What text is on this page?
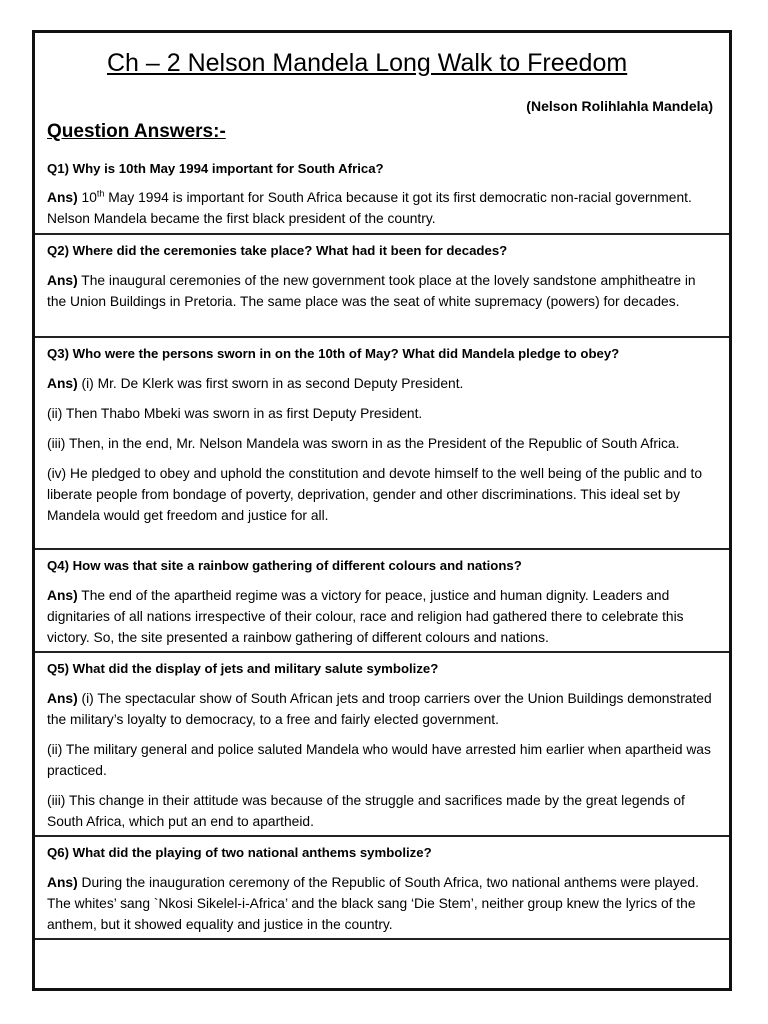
Ch – 2 Nelson Mandela Long Walk to Freedom
(Nelson Rolihlahla Mandela)
Question Answers:-
Q1) Why is 10th May 1994 important for South Africa?
Ans) 10th May 1994 is important for South Africa because it got its first democratic non-racial government. Nelson Mandela became the first black president of the country.
Q2) Where did the ceremonies take place? What had it been for decades?
Ans) The inaugural ceremonies of the new government took place at the lovely sandstone amphitheatre in the Union Buildings in Pretoria. The same place was the seat of white supremacy (powers) for decades.
Q3) Who were the persons sworn in on the 10th of May? What did Mandela pledge to obey?
Ans) (i) Mr. De Klerk was first sworn in as second Deputy President.
(ii) Then Thabo Mbeki was sworn in as first Deputy President.
(iii) Then, in the end, Mr. Nelson Mandela was sworn in as the President of the Republic of South Africa.
(iv) He pledged to obey and uphold the constitution and devote himself to the well being of the public and to liberate people from bondage of poverty, deprivation, gender and other discriminations. This ideal set by Mandela would get freedom and justice for all.
Q4) How was that site a rainbow gathering of different colours and nations?
Ans) The end of the apartheid regime was a victory for peace, justice and human dignity. Leaders and dignitaries of all nations irrespective of their colour, race and religion had gathered there to celebrate this victory. So, the site presented a rainbow gathering of different colours and nations.
Q5) What did the display of jets and military salute symbolize?
Ans) (i) The spectacular show of South African jets and troop carriers over the Union Buildings demonstrated the military’s loyalty to democracy, to a free and fairly elected government.
(ii) The military general and police saluted Mandela who would have arrested him earlier when apartheid was practiced.
(iii) This change in their attitude was because of the struggle and sacrifices made by the great legends of South Africa, which put an end to apartheid.
Q6) What did the playing of two national anthems symbolize?
Ans) During the inauguration ceremony of the Republic of South Africa, two national anthems were played. The whites’ sang `Nkosi Sikelel-i-Africa’ and the black sang ‘Die Stem’, neither group knew the lyrics of the anthem, but it showed equality and justice in the country.
